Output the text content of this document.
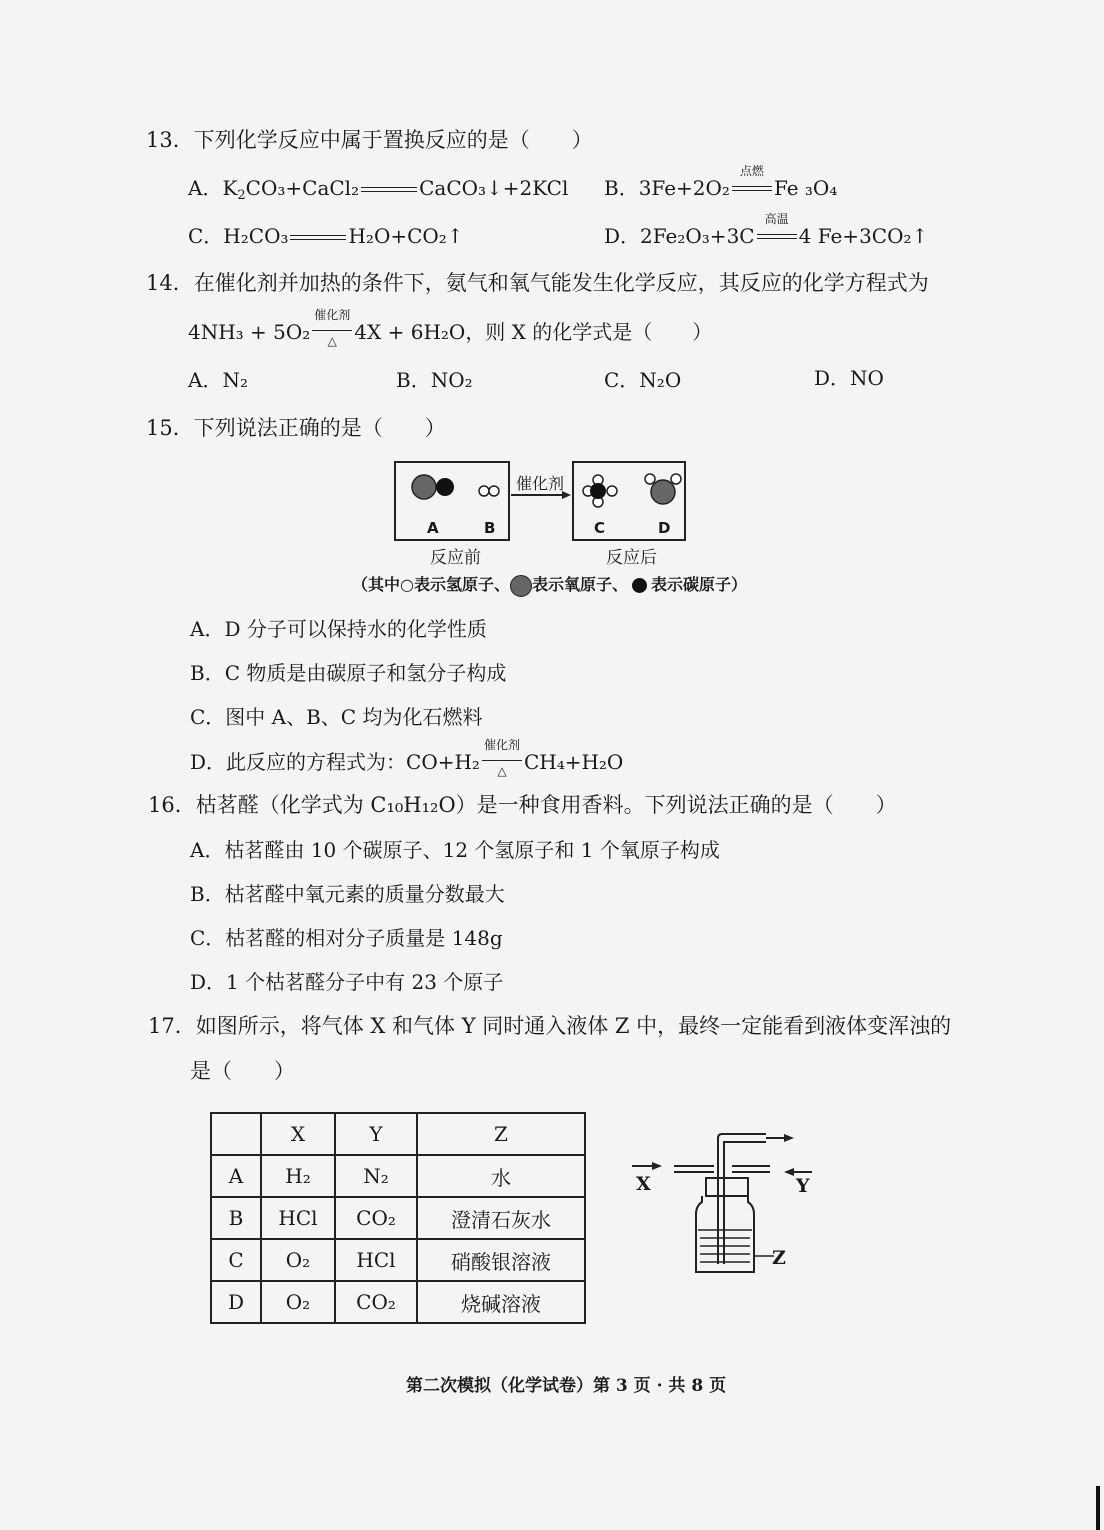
13．下列化学反应中属于置换反应的是（　　）
A．$K_2CO_3+CaCl_2$	CaCO₃↓+2KCl B．3Fe+2O₂
点燃
Fe ₃O₄
C．H₂CO₃	H₂O+CO₂↑	D．2Fe₂O₃+3C
高温
4 Fe+3CO₂↑
14．在催化剂并加热的条件下，氨气和氧气能发生化学反应，其反应的化学方程式为
4NH₃ + 5O₂
催化剂
△ 4X + 6H₂O，则 X 的化学式是（　　）
A．N₂	B．NO₂	C．N₂O	D．NO
15．下列说法正确的是（　　）
A	B	C	D
催化剂
反应前	反应后
（其中○表示氢原子、 表示氧原子、 表示碳原子）
A．D 分子可以保持水的化学性质
B．C 物质是由碳原子和氢分子构成
C．图中 A、B、C 均为化石燃料
D．此反应的方程式为：CO+H₂
催化剂
△ CH₄+H₂O
16．枯茗醛（化学式为 C₁₀H₁₂O）是一种食用香料。下列说法正确的是（　　）
A．枯茗醛由 10 个碳原子、12 个氢原子和 1 个氧原子构成
B．枯茗醛中氧元素的质量分数最大
C．枯茗醛的相对分子质量是 148g
D．1 个枯茗醛分子中有 23 个原子
17．如图所示，将气体 X 和气体 Y 同时通入液体 Z 中，最终一定能看到液体变浑浊的
是（　　）
	X	Y	Z
A	H₂	N₂	水
B	HCl	CO₂	澄清石灰水
C	O₂	HCl	硝酸银溶液
D	O₂	CO₂	烧碱溶液
X	Y
Z
第二次模拟（化学试卷）第 3 页 · 共 8 页
